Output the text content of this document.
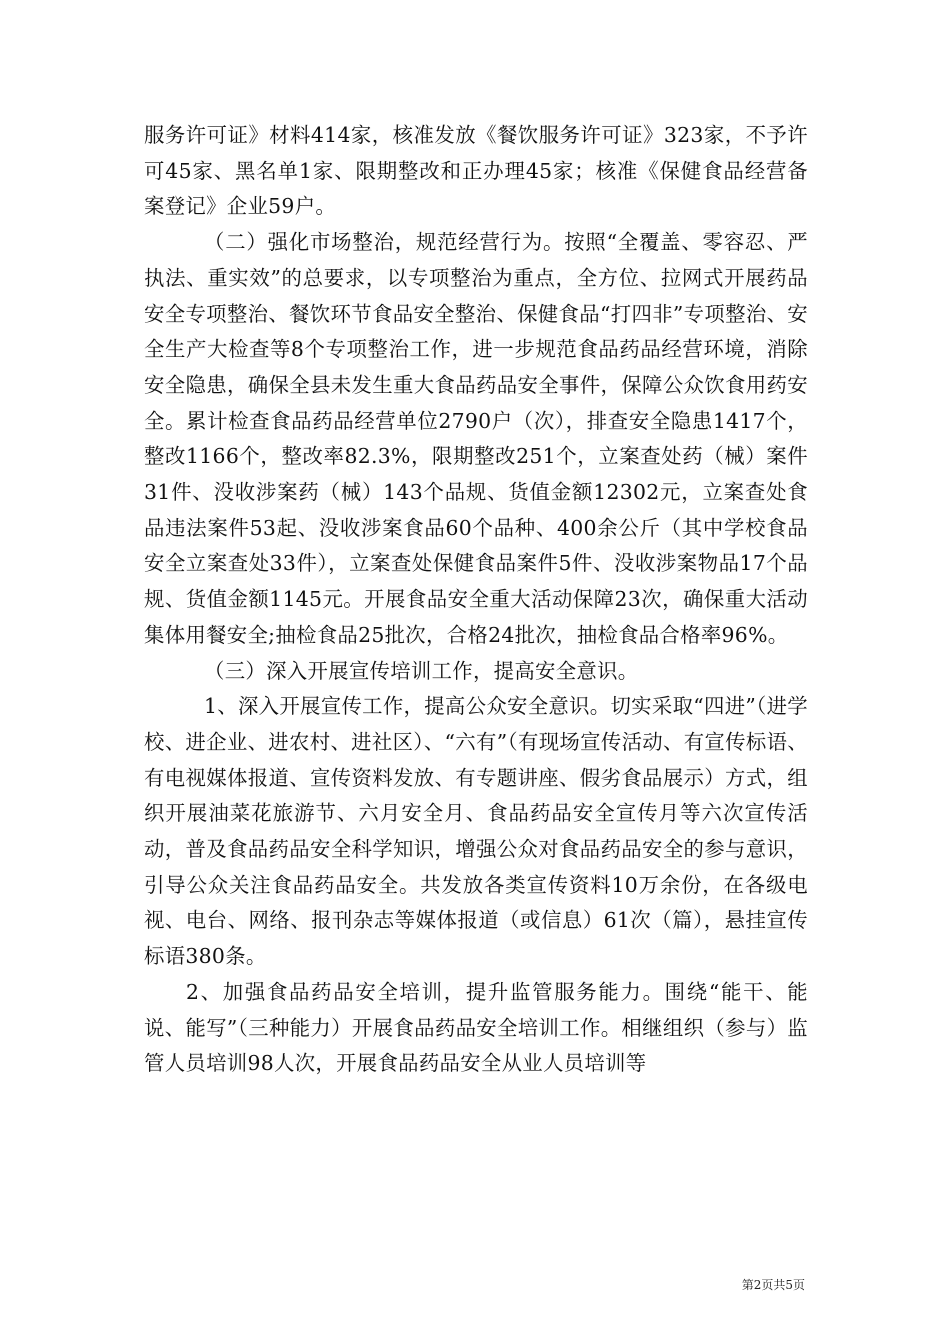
服务许可证》材料414家，核准发放《餐饮服务许可证》323家，不予许可45家、黑名单1家、限期整改和正办理45家；核准《保健食品经营备案登记》企业59户。

（二）强化市场整治，规范经营行为。按照“全覆盖、零容忍、严执法、重实效”的总要求，以专项整治为重点，全方位、拉网式开展药品安全专项整治、餐饮环节食品安全整治、保健食品“打四非”专项整治、安全生产大检查等8个专项整治工作，进一步规范食品药品经营环境，消除安全隐患，确保全县未发生重大食品药品安全事件，保障公众饮食用药安全。累计检查食品药品经营单位2790户（次），排查安全隐患1417个，整改1166个，整改率82.3%，限期整改251个，立案查处药（械）案件31件、没收涉案药（械）143个品规、货值金额12302元，立案查处食品违法案件53起、没收涉案食品60个品种、400余公斤（其中学校食品安全立案查处33件），立案查处保健食品案件5件、没收涉案物品17个品规、货值金额1145元。开展食品安全重大活动保障23次，确保重大活动集体用餐安全;抽检食品25批次，合格24批次，抽检食品合格率96%。

（三）深入开展宣传培训工作，提高安全意识。

1、深入开展宣传工作，提高公众安全意识。切实采取“四进”（进学校、进企业、进农村、进社区）、“六有”（有现场宣传活动、有宣传标语、有电视媒体报道、宣传资料发放、有专题讲座、假劣食品展示）方式，组织开展油菜花旅游节、六月安全月、食品药品安全宣传月等六次宣传活动，普及食品药品安全科学知识，增强公众对食品药品安全的参与意识，引导公众关注食品药品安全。共发放各类宣传资料10万余份，在各级电视、电台、网络、报刊杂志等媒体报道（或信息）61次（篇），悬挂宣传标语380条。

2、加强食品药品安全培训，提升监管服务能力。围绕“能干、能说、能写”（三种能力）开展食品药品安全培训工作。相继组织（参与）监管人员培训98人次，开展食品药品安全从业人员培训等

第2页共5页
